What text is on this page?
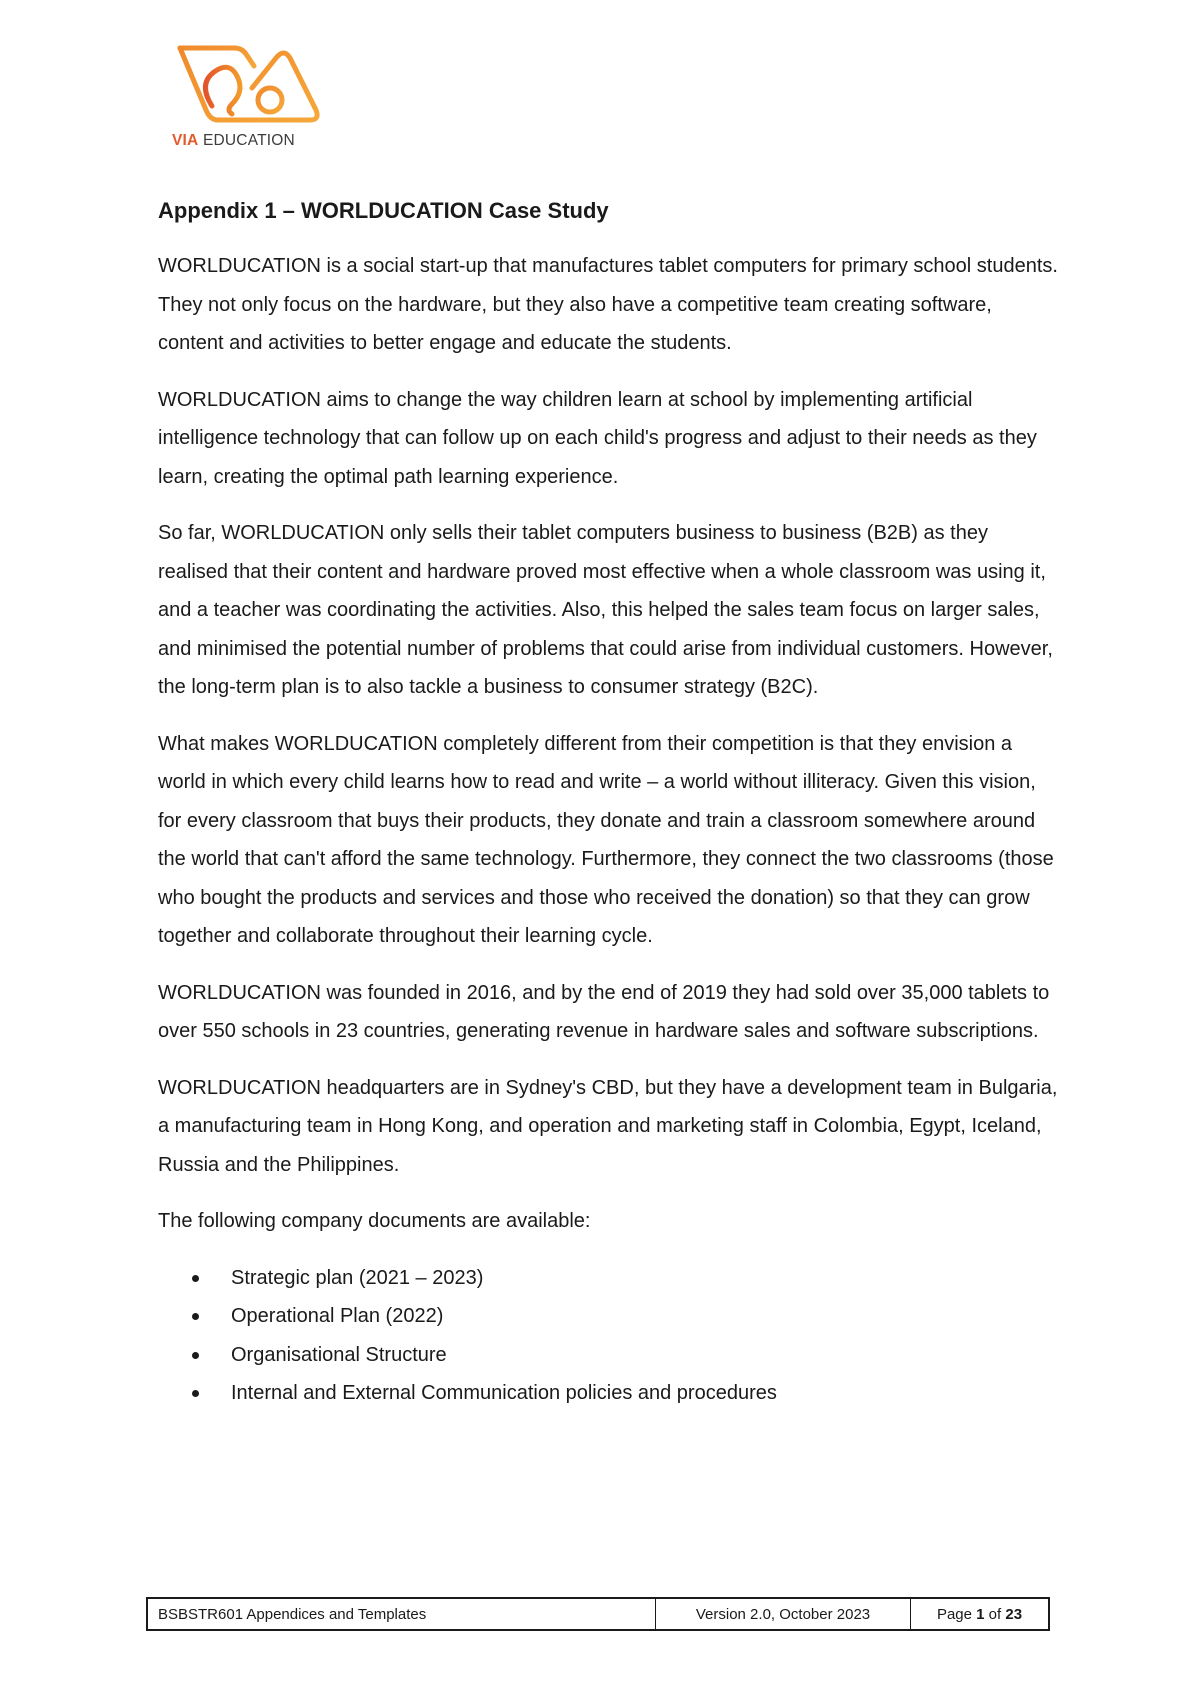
VIA EDUCATION
Appendix 1 – WORLDUCATION Case Study

WORLDUCATION is a social start-up that manufactures tablet computers for primary school students. They not only focus on the hardware, but they also have a competitive team creating software, content and activities to better engage and educate the students.

WORLDUCATION aims to change the way children learn at school by implementing artificial intelligence technology that can follow up on each child's progress and adjust to their needs as they learn, creating the optimal path learning experience.

So far, WORLDUCATION only sells their tablet computers business to business (B2B) as they realised that their content and hardware proved most effective when a whole classroom was using it, and a teacher was coordinating the activities. Also, this helped the sales team focus on larger sales, and minimised the potential number of problems that could arise from individual customers. However, the long-term plan is to also tackle a business to consumer strategy (B2C).

What makes WORLDUCATION completely different from their competition is that they envision a world in which every child learns how to read and write – a world without illiteracy. Given this vision, for every classroom that buys their products, they donate and train a classroom somewhere around the world that can't afford the same technology. Furthermore, they connect the two classrooms (those who bought the products and services and those who received the donation) so that they can grow together and collaborate throughout their learning cycle.

WORLDUCATION was founded in 2016, and by the end of 2019 they had sold over 35,000 tablets to over 550 schools in 23 countries, generating revenue in hardware sales and software subscriptions.

WORLDUCATION headquarters are in Sydney's CBD, but they have a development team in Bulgaria, a manufacturing team in Hong Kong, and operation and marketing staff in Colombia, Egypt, Iceland, Russia and the Philippines.

The following company documents are available:

Strategic plan (2021 – 2023)
Operational Plan (2022)
Organisational Structure
Internal and External Communication policies and procedures
BSBSTR601 Appendices and Templates	Version 2.0, October 2023	Page
1
of
23
